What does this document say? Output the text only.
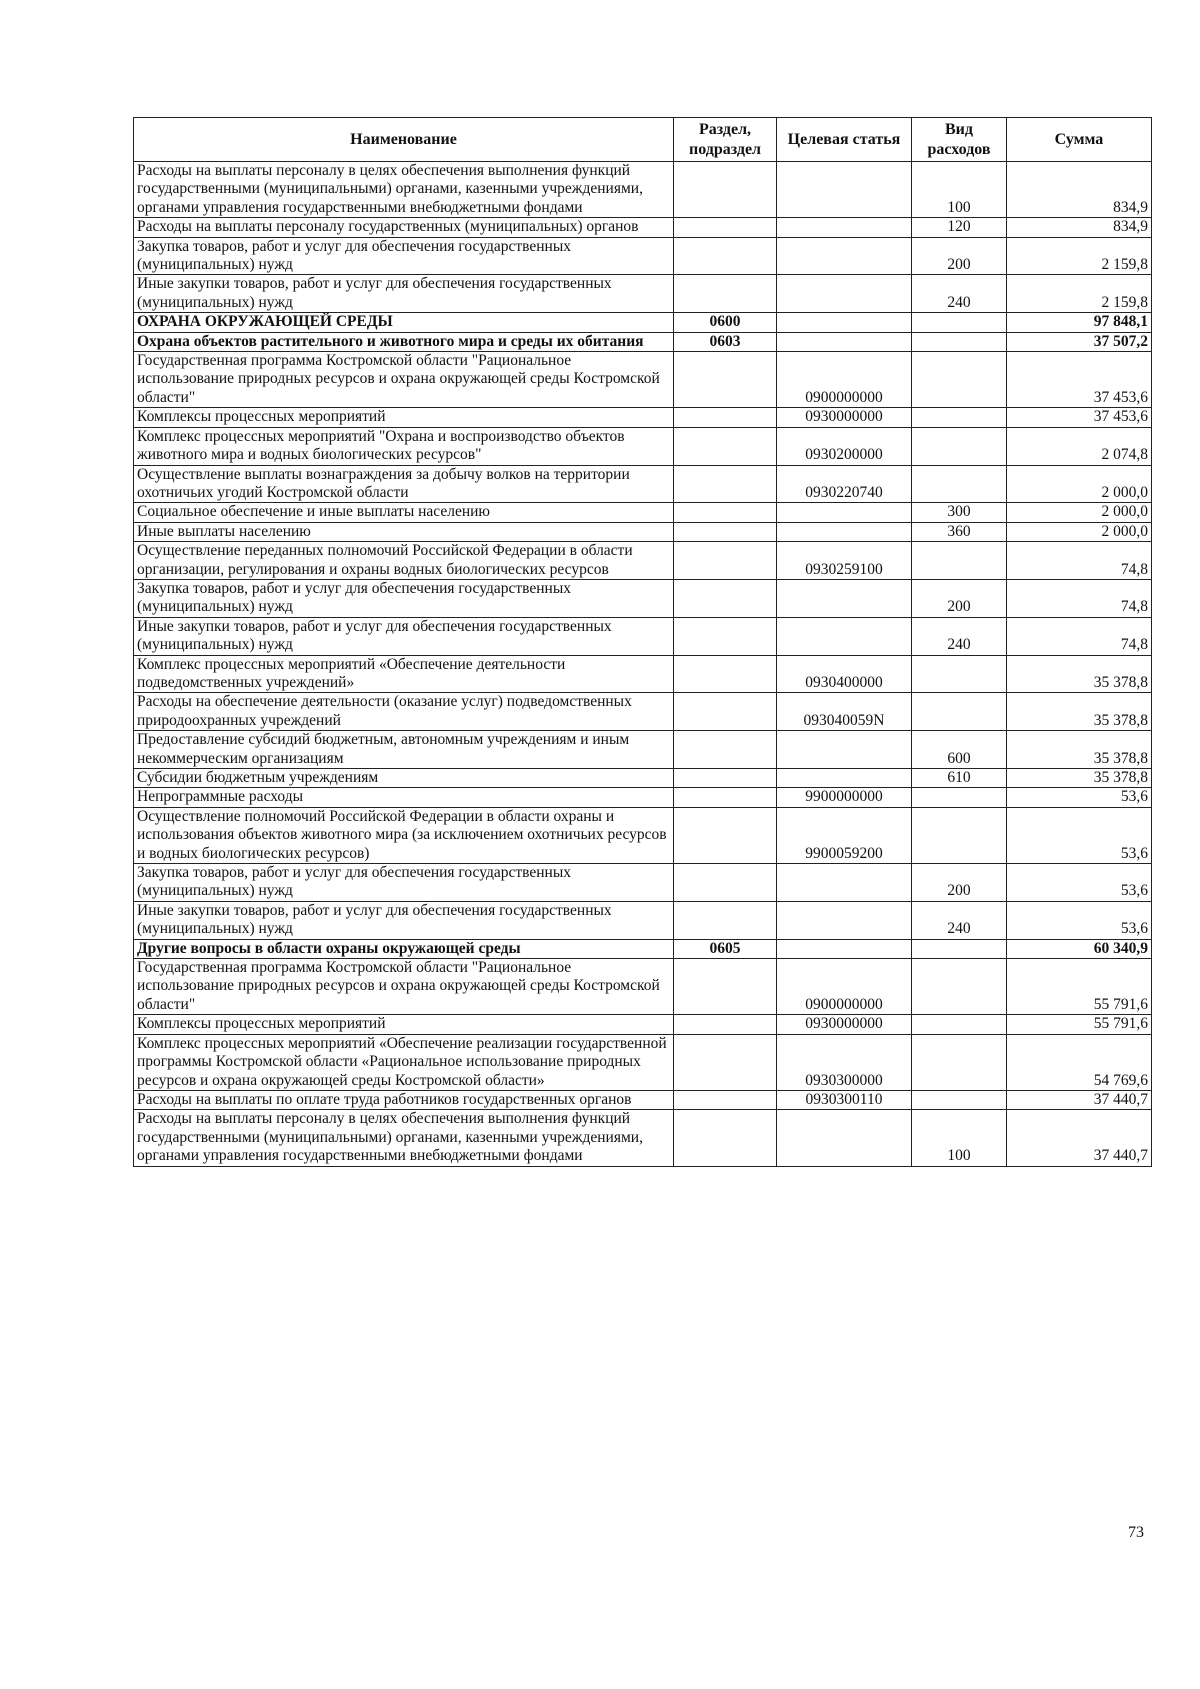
Наименование	Раздел, подраздел	Целевая статья	Вид расходов	Сумма
Расходы на выплаты персоналу в целях обеспечения выполнения функций государственными (муниципальными) органами, казенными учреждениями, органами управления государственными внебюджетными фондами			100	834,9
Расходы на выплаты персоналу государственных (муниципальных) органов			120	834,9
Закупка товаров, работ и услуг для обеспечения государственных (муниципальных) нужд			200	2 159,8
Иные закупки товаров, работ и услуг для обеспечения государственных (муниципальных) нужд			240	2 159,8
ОХРАНА ОКРУЖАЮЩЕЙ СРЕДЫ	0600			97 848,1
Охрана объектов растительного и животного мира и среды их обитания	0603			37 507,2
Государственная программа Костромской области "Рациональное использование природных ресурсов и охрана окружающей среды Костромской области"		0900000000		37 453,6
Комплексы процессных мероприятий		0930000000		37 453,6
Комплекс процессных мероприятий "Охрана и воспроизводство объектов животного мира и водных биологических ресурсов"		0930200000		2 074,8
Осуществление выплаты вознаграждения за добычу волков на территории охотничьих угодий Костромской области		0930220740		2 000,0
Социальное обеспечение и иные выплаты населению			300	2 000,0
Иные выплаты населению			360	2 000,0
Осуществление переданных полномочий Российской Федерации в области организации, регулирования и охраны водных биологических ресурсов		0930259100		74,8
Закупка товаров, работ и услуг для обеспечения государственных (муниципальных) нужд			200	74,8
Иные закупки товаров, работ и услуг для обеспечения государственных (муниципальных) нужд			240	74,8
Комплекс процессных мероприятий «Обеспечение деятельности подведомственных учреждений»		0930400000		35 378,8
Расходы на обеспечение деятельности (оказание услуг) подведомственных природоохранных учреждений		093040059N		35 378,8
Предоставление субсидий бюджетным, автономным учреждениям и иным некоммерческим организациям			600	35 378,8
Субсидии бюджетным учреждениям			610	35 378,8
Непрограммные расходы		9900000000		53,6
Осуществление полномочий Российской Федерации в области охраны и использования объектов животного мира (за исключением охотничьих ресурсов и водных биологических ресурсов)		9900059200		53,6
Закупка товаров, работ и услуг для обеспечения государственных (муниципальных) нужд			200	53,6
Иные закупки товаров, работ и услуг для обеспечения государственных (муниципальных) нужд			240	53,6
Другие вопросы в области охраны окружающей среды	0605			60 340,9
Государственная программа Костромской области "Рациональное использование природных ресурсов и охрана окружающей среды Костромской области"		0900000000		55 791,6
Комплексы процессных мероприятий		0930000000		55 791,6
Комплекс процессных мероприятий «Обеспечение реализации государственной программы Костромской области «Рациональное использование природных ресурсов и охрана окружающей среды Костромской области»		0930300000		54 769,6
Расходы на выплаты по оплате труда работников государственных органов		0930300110		37 440,7
Расходы на выплаты персоналу в целях обеспечения выполнения функций государственными (муниципальными) органами, казенными учреждениями, органами управления государственными внебюджетными фондами			100	37 440,7
73
